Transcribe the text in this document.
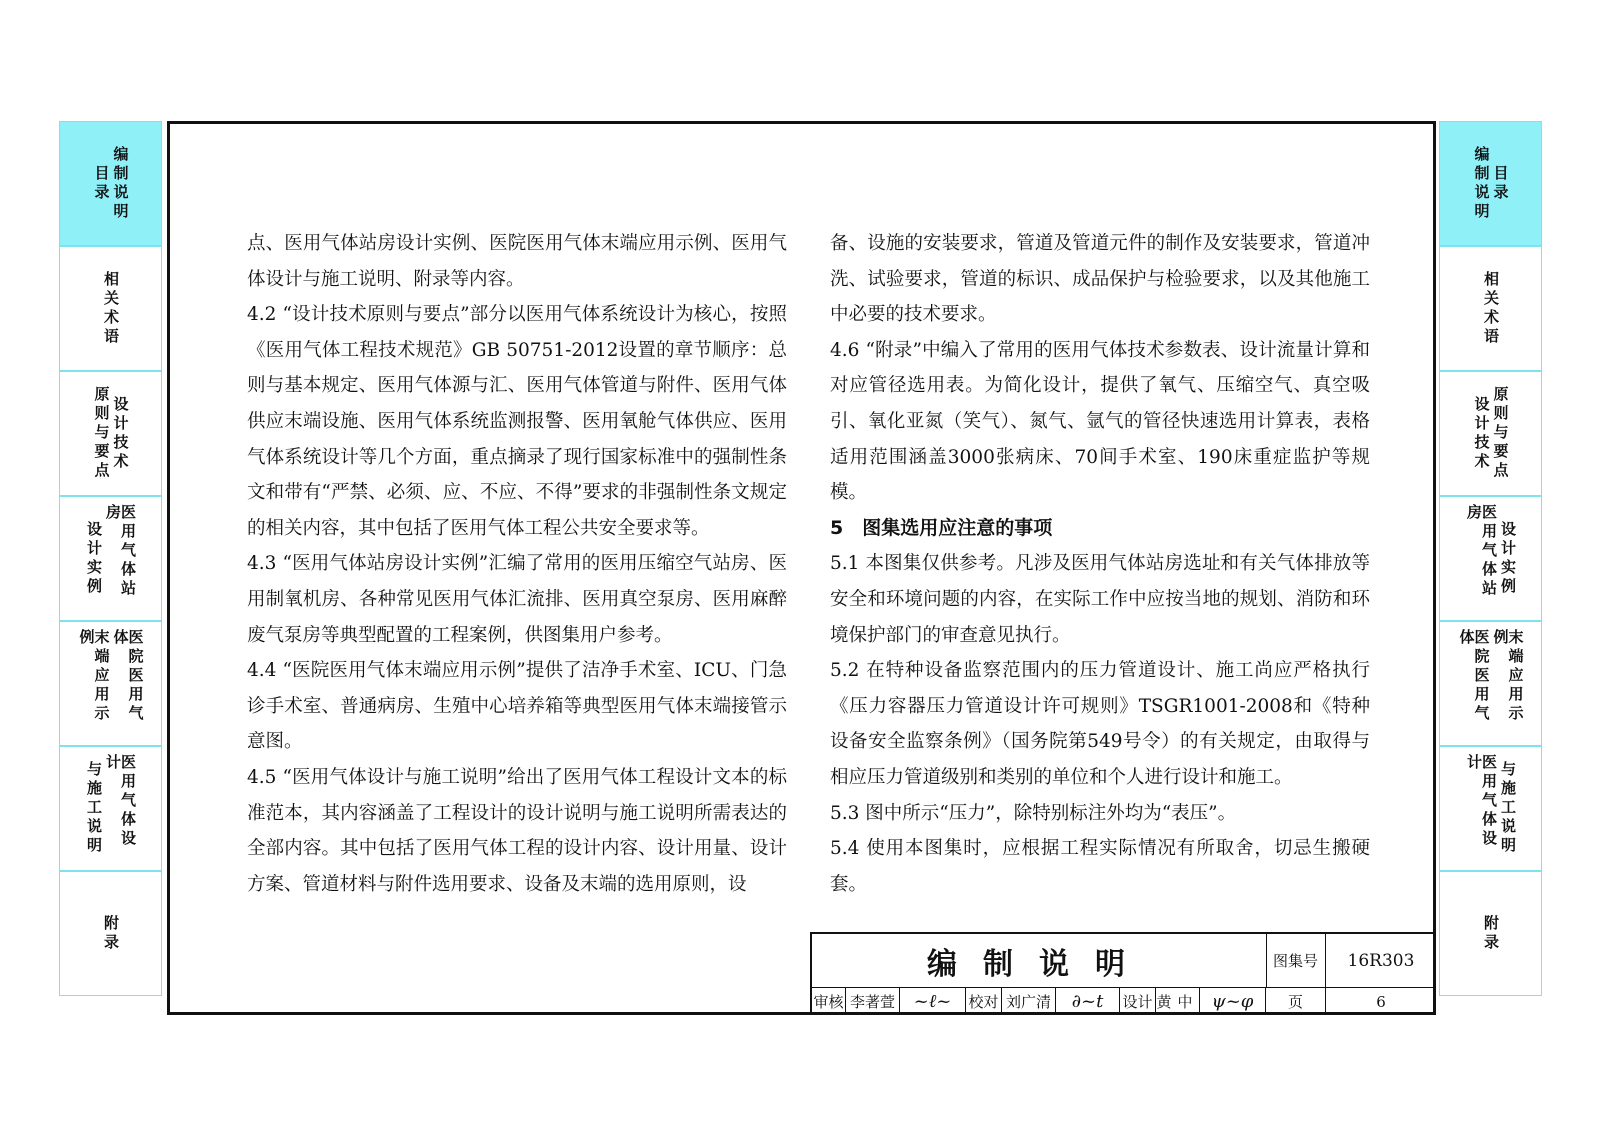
编制说明
目录
相关术语
设计技术
原则与要点
医用气体站房
设计实例
医院医用气体
末端应用示例
医用气体设计
与施工说明
附录
编制说明 目录
相关术语
设计技术 原则与要点
医用气体站房
设计实例
医院医用气体	末端应用示例
医用气体设计	与施工说明
附录

点、医用气体站房设计实例、医院医用气体末端应用示例、医用气体设计与施工说明、附录等内容。

4.2 “设计技术原则与要点”部分以医用气体系统设计为核心，按照《医用气体工程技术规范》GB 50751-2012设置的章节顺序：总则与基本规定、医用气体源与汇、医用气体管道与附件、医用气体供应末端设施、医用气体系统监测报警、医用氧舱气体供应、医用气体系统设计等几个方面，重点摘录了现行国家标准中的强制性条文和带有“严禁、必须、应、不应、不得”要求的非强制性条文规定的相关内容，其中包括了医用气体工程公共安全要求等。

4.3 “医用气体站房设计实例”汇编了常用的医用压缩空气站房、医用制氧机房、各种常见医用气体汇流排、医用真空泵房、医用麻醉废气泵房等典型配置的工程案例，供图集用户参考。

4.4 “医院医用气体末端应用示例”提供了洁净手术室、ICU、门急诊手术室、普通病房、生殖中心培养箱等典型医用气体末端接管示意图。

4.5 “医用气体设计与施工说明”给出了医用气体工程设计文本的标准范本，其内容涵盖了工程设计的设计说明与施工说明所需表达的全部内容。其中包括了医用气体工程的设计内容、设计用量、设计方案、管道材料与附件选用要求、设备及末端的选用原则，设

备、设施的安装要求，管道及管道元件的制作及安装要求，管道冲洗、试验要求，管道的标识、成品保护与检验要求，以及其他施工中必要的技术要求。

4.6 “附录”中编入了常用的医用气体技术参数表、设计流量计算和对应管径选用表。为简化设计，提供了氧气、压缩空气、真空吸引、氧化亚氮（笑气）、氮气、氩气的管径快速选用计算表，表格适用范围涵盖3000张病床、70间手术室、190床重症监护等规模。

5　图集选用应注意的事项

5.1 本图集仅供参考。凡涉及医用气体站房选址和有关气体排放等安全和环境问题的内容，在实际工作中应按当地的规划、消防和环境保护部门的审查意见执行。

5.2 在特种设备监察范围内的压力管道设计、施工尚应严格执行《压力容器压力管道设计许可规则》TSGR1001-2008和《特种设备安全监察条例》（国务院第549号令）的有关规定，由取得与相应压力管道级别和类别的单位和个人进行设计和施工。

5.3 图中所示“压力”，除特别标注外均为“表压”。

5.4 使用本图集时，应根据工程实际情况有所取舍，切忌生搬硬套。

编制说明	图集号	16R303
审核 李著萱 ~ℓ~ 校对 刘广清 ∂~t 设计 黄中 ψ~φ	页	6
